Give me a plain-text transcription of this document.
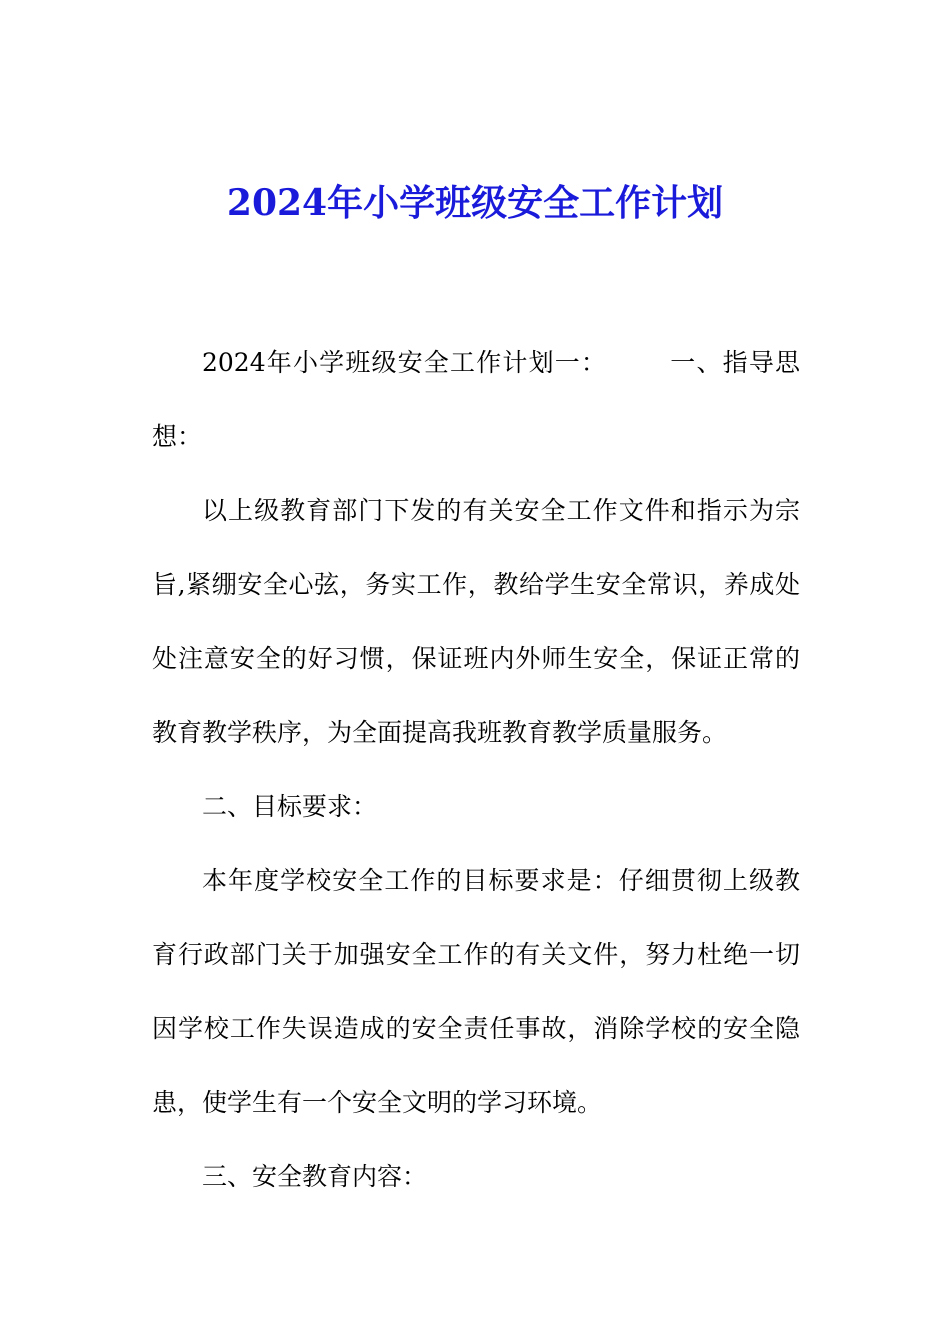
2024年小学班级安全工作计划

2024年小学班级安全工作计划一： 一、指导思想：

以上级教育部门下发的有关安全工作文件和指示为宗旨,紧绷安全心弦，务实工作，教给学生安全常识，养成处处注意安全的好习惯，保证班内外师生安全，保证正常的教育教学秩序，为全面提高我班教育教学质量服务。

二、目标要求：

本年度学校安全工作的目标要求是：仔细贯彻上级教育行政部门关于加强安全工作的有关文件，努力杜绝一切因学校工作失误造成的安全责任事故，消除学校的安全隐患，使学生有一个安全文明的学习环境。

三、安全教育内容：
